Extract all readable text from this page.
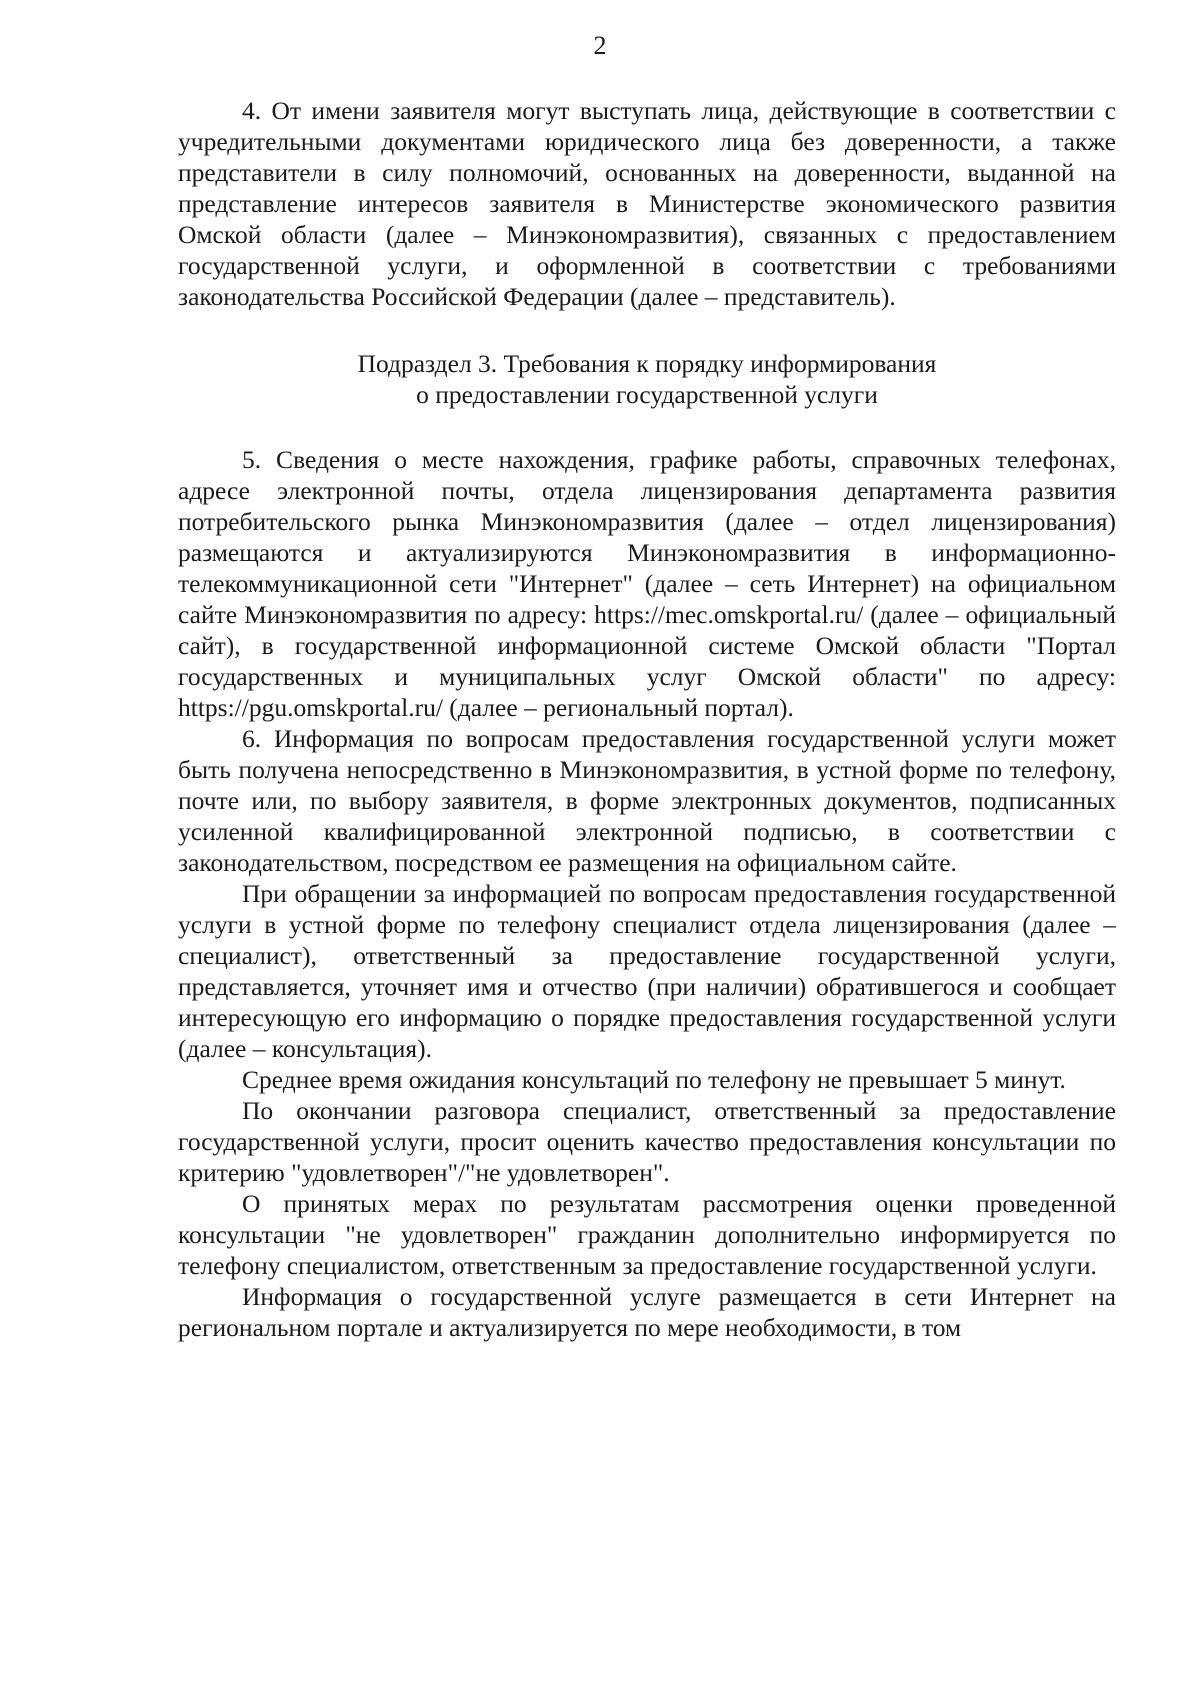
2

4. От имени заявителя могут выступать лица, действующие в соответствии с учредительными документами юридического лица без доверенности, а также представители в силу полномочий, основанных на доверенности, выданной на представление интересов заявителя в Министерстве экономического развития Омской области (далее – Минэкономразвития), связанных с предоставлением государственной услуги, и оформленной в соответствии с требованиями законодательства Российской Федерации (далее – представитель).

Подраздел 3. Требования к порядку информирования
о предоставлении государственной услуги

5. Сведения о месте нахождения, графике работы, справочных телефонах, адресе электронной почты, отдела лицензирования департамента развития потребительского рынка Минэкономразвития (далее – отдел лицензирования) размещаются и актуализируются Минэкономразвития в информационно-телекоммуникационной сети "Интернет" (далее – сеть Интернет) на официальном сайте Минэкономразвития по адресу: https://mec.omskportal.ru/ (далее – официальный сайт), в государственной информационной системе Омской области "Портал государственных и муниципальных услуг Омской области" по адресу: https://pgu.omskportal.ru/ (далее – региональный портал).

6. Информация по вопросам предоставления государственной услуги может быть получена непосредственно в Минэкономразвития, в устной форме по телефону, почте или, по выбору заявителя, в форме электронных документов, подписанных усиленной квалифицированной электронной подписью, в соответствии с законодательством, посредством ее размещения на официальном сайте.

При обращении за информацией по вопросам предоставления государственной услуги в устной форме по телефону специалист отдела лицензирования (далее – специалист), ответственный за предоставление государственной услуги, представляется, уточняет имя и отчество (при наличии) обратившегося и сообщает интересующую его информацию о порядке предоставления государственной услуги (далее – консультация).

Среднее время ожидания консультаций по телефону не превышает 5 минут.

По окончании разговора специалист, ответственный за предоставление государственной услуги, просит оценить качество предоставления консультации по критерию "удовлетворен"/"не удовлетворен".

О принятых мерах по результатам рассмотрения оценки проведенной консультации "не удовлетворен" гражданин дополнительно информируется по телефону специалистом, ответственным за предоставление государственной услуги.

Информация о государственной услуге размещается в сети Интернет на региональном портале и актуализируется по мере необходимости, в том
